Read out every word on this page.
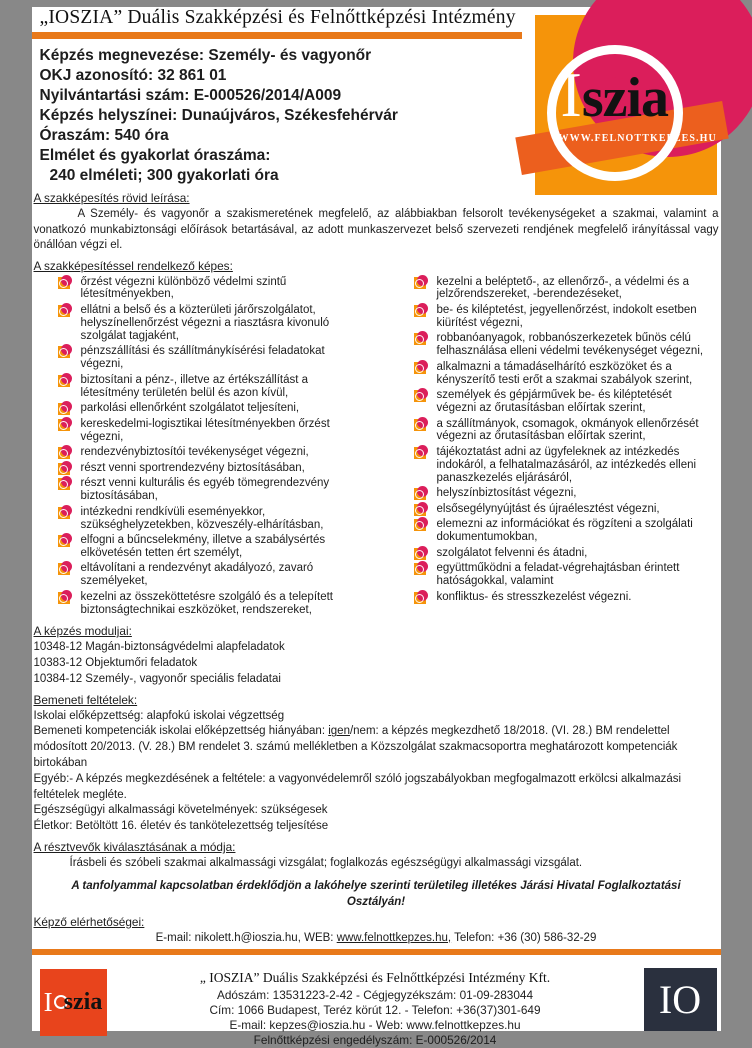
„IOSZIA” Duális Szakképzési és Felnőttképzési Intézmény
Iszia
WWW.FELNOTTKEPZES.HU
Képzés megnevezése: Személy- és vagyonőr
OKJ azonosító: 32 861 01
Nyilvántartási szám: E-000526/2014/A009
Képzés helyszínei: Dunaújváros, Székesfehérvár
Óraszám: 540 óra
Elmélet és gyakorlat óraszáma:
240 elméleti; 300 gyakorlati óra
A szakképesítés rövid leírása:

A Személy- és vagyonőr a szakismeretének megfelelő, az alábbiakban felsorolt tevékenységeket a szakmai, valamint a vonatkozó munkabiztonsági előírások betartásával, az adott munkaszervezet belső szervezeti rendjének megfelelő irányítással vagy önállóan végzi el.

A szakképesítéssel rendelkező képes:
őrzést végezni különböző védelmi szintű létesítményekben,
ellátni a belső és a közterületi járőrszolgálatot, helyszínellenőrzést végezni a riasztásra kivonuló szolgálat tagjaként,
pénzszállítási és szállítmánykísérési feladatokat végezni,
biztosítani a pénz-, illetve az értékszállítást a létesítmény területén belül és azon kívül,
parkolási ellenőrként szolgálatot teljesíteni,
kereskedelmi-logisztikai létesítményekben őrzést végezni,
rendezvénybiztosítói tevékenységet végezni,
részt venni sportrendezvény biztosításában,
részt venni kulturális és egyéb tömegrendezvény biztosításában,
intézkedni rendkívüli eseményekkor, szükséghelyzetekben, közveszély-elhárításban,
elfogni a bűncselekmény, illetve a szabálysértés elkövetésén tetten ért személyt,
eltávolítani a rendezvényt akadályozó, zavaró személyeket,
kezelni az összeköttetésre szolgáló és a telepített biztonságtechnikai eszközöket, rendszereket,
kezelni a beléptető-, az ellenőrző-, a védelmi és a jelzőrendszereket, -berendezéseket,
be- és kiléptetést, jegyellenőrzést, indokolt esetben kiürítést végezni,
robbanóanyagok, robbanószerkezetek bűnös célú felhasználása elleni védelmi tevékenységet végezni,
alkalmazni a támadáselhárító eszközöket és a kényszerítő testi erőt a szakmai szabályok szerint,
személyek és gépjárművek be- és kiléptetését végezni az őrutasításban előírtak szerint,
a szállítmányok, csomagok, okmányok ellenőrzését végezni az őrutasításban előírtak szerint,
tájékoztatást adni az ügyfeleknek az intézkedés indokáról, a felhatalmazásáról, az intézkedés elleni panaszkezelés eljárásáról,
helyszínbiztosítást végezni,
elsősegélynyújtást és újraélesztést végezni,
elemezni az információkat és rögzíteni a szolgálati dokumentumokban,
szolgálatot felvenni és átadni,
együttműködni a feladat-végrehajtásban érintett hatóságokkal, valamint
konfliktus- és stresszkezelést végezni.
A képzés moduljai:
10348-12 Magán-biztonságvédelmi alapfeladatok
10383-12 Objektumőri feladatok
10384-12 Személy-, vagyonőr speciális feladatai
Bemeneti feltételek:
Iskolai előképzettség: alapfokú iskolai végzettség
Bemeneti kompetenciák iskolai előképzettség hiányában: igen/nem: a képzés megkezdhető 18/2018. (VI. 28.) BM rendelettel módosított 20/2013. (V. 28.) BM rendelet 3. számú mellékletben a Közszolgálat szakmacsoportra meghatározott kompetenciák birtokában
Egyéb:- A képzés megkezdésének a feltétele: a vagyonvédelemről szóló jogszabályokban megfogalmazott erkölcsi alkalmazási feltételek megléte.
Egészségügyi alkalmassági követelmények: szükségesek
Életkor: Betöltött 16. életév és tankötelezettség teljesítése
A résztvevők kiválasztásának a módja:
Írásbeli és szóbeli szakmai alkalmassági vizsgálat; foglalkozás egészségügyi alkalmassági vizsgálat.
A tanfolyammal kapcsolatban érdeklődjön a lakóhelye szerinti területileg illetékes Járási Hivatal Foglalkoztatási Osztályán!
Képző elérhetőségei:
E-mail: nikolett.h@ioszia.hu, WEB: www.felnottkepzes.hu, Telefon: +36 (30) 586-32-29
I szia
„ IOSZIA” Duális Szakképzési és Felnőttképzési Intézmény Kft.
Adószám: 13531223-2-42 - Cégjegyzékszám: 01-09-283044
Cím: 1066 Budapest, Teréz körút 12. - Telefon: +36(37)301-649
E-mail: kepzes@ioszia.hu - Web: www.felnottkepzes.hu
Felnőttképzési engedélyszám: E-000526/2014
IO
